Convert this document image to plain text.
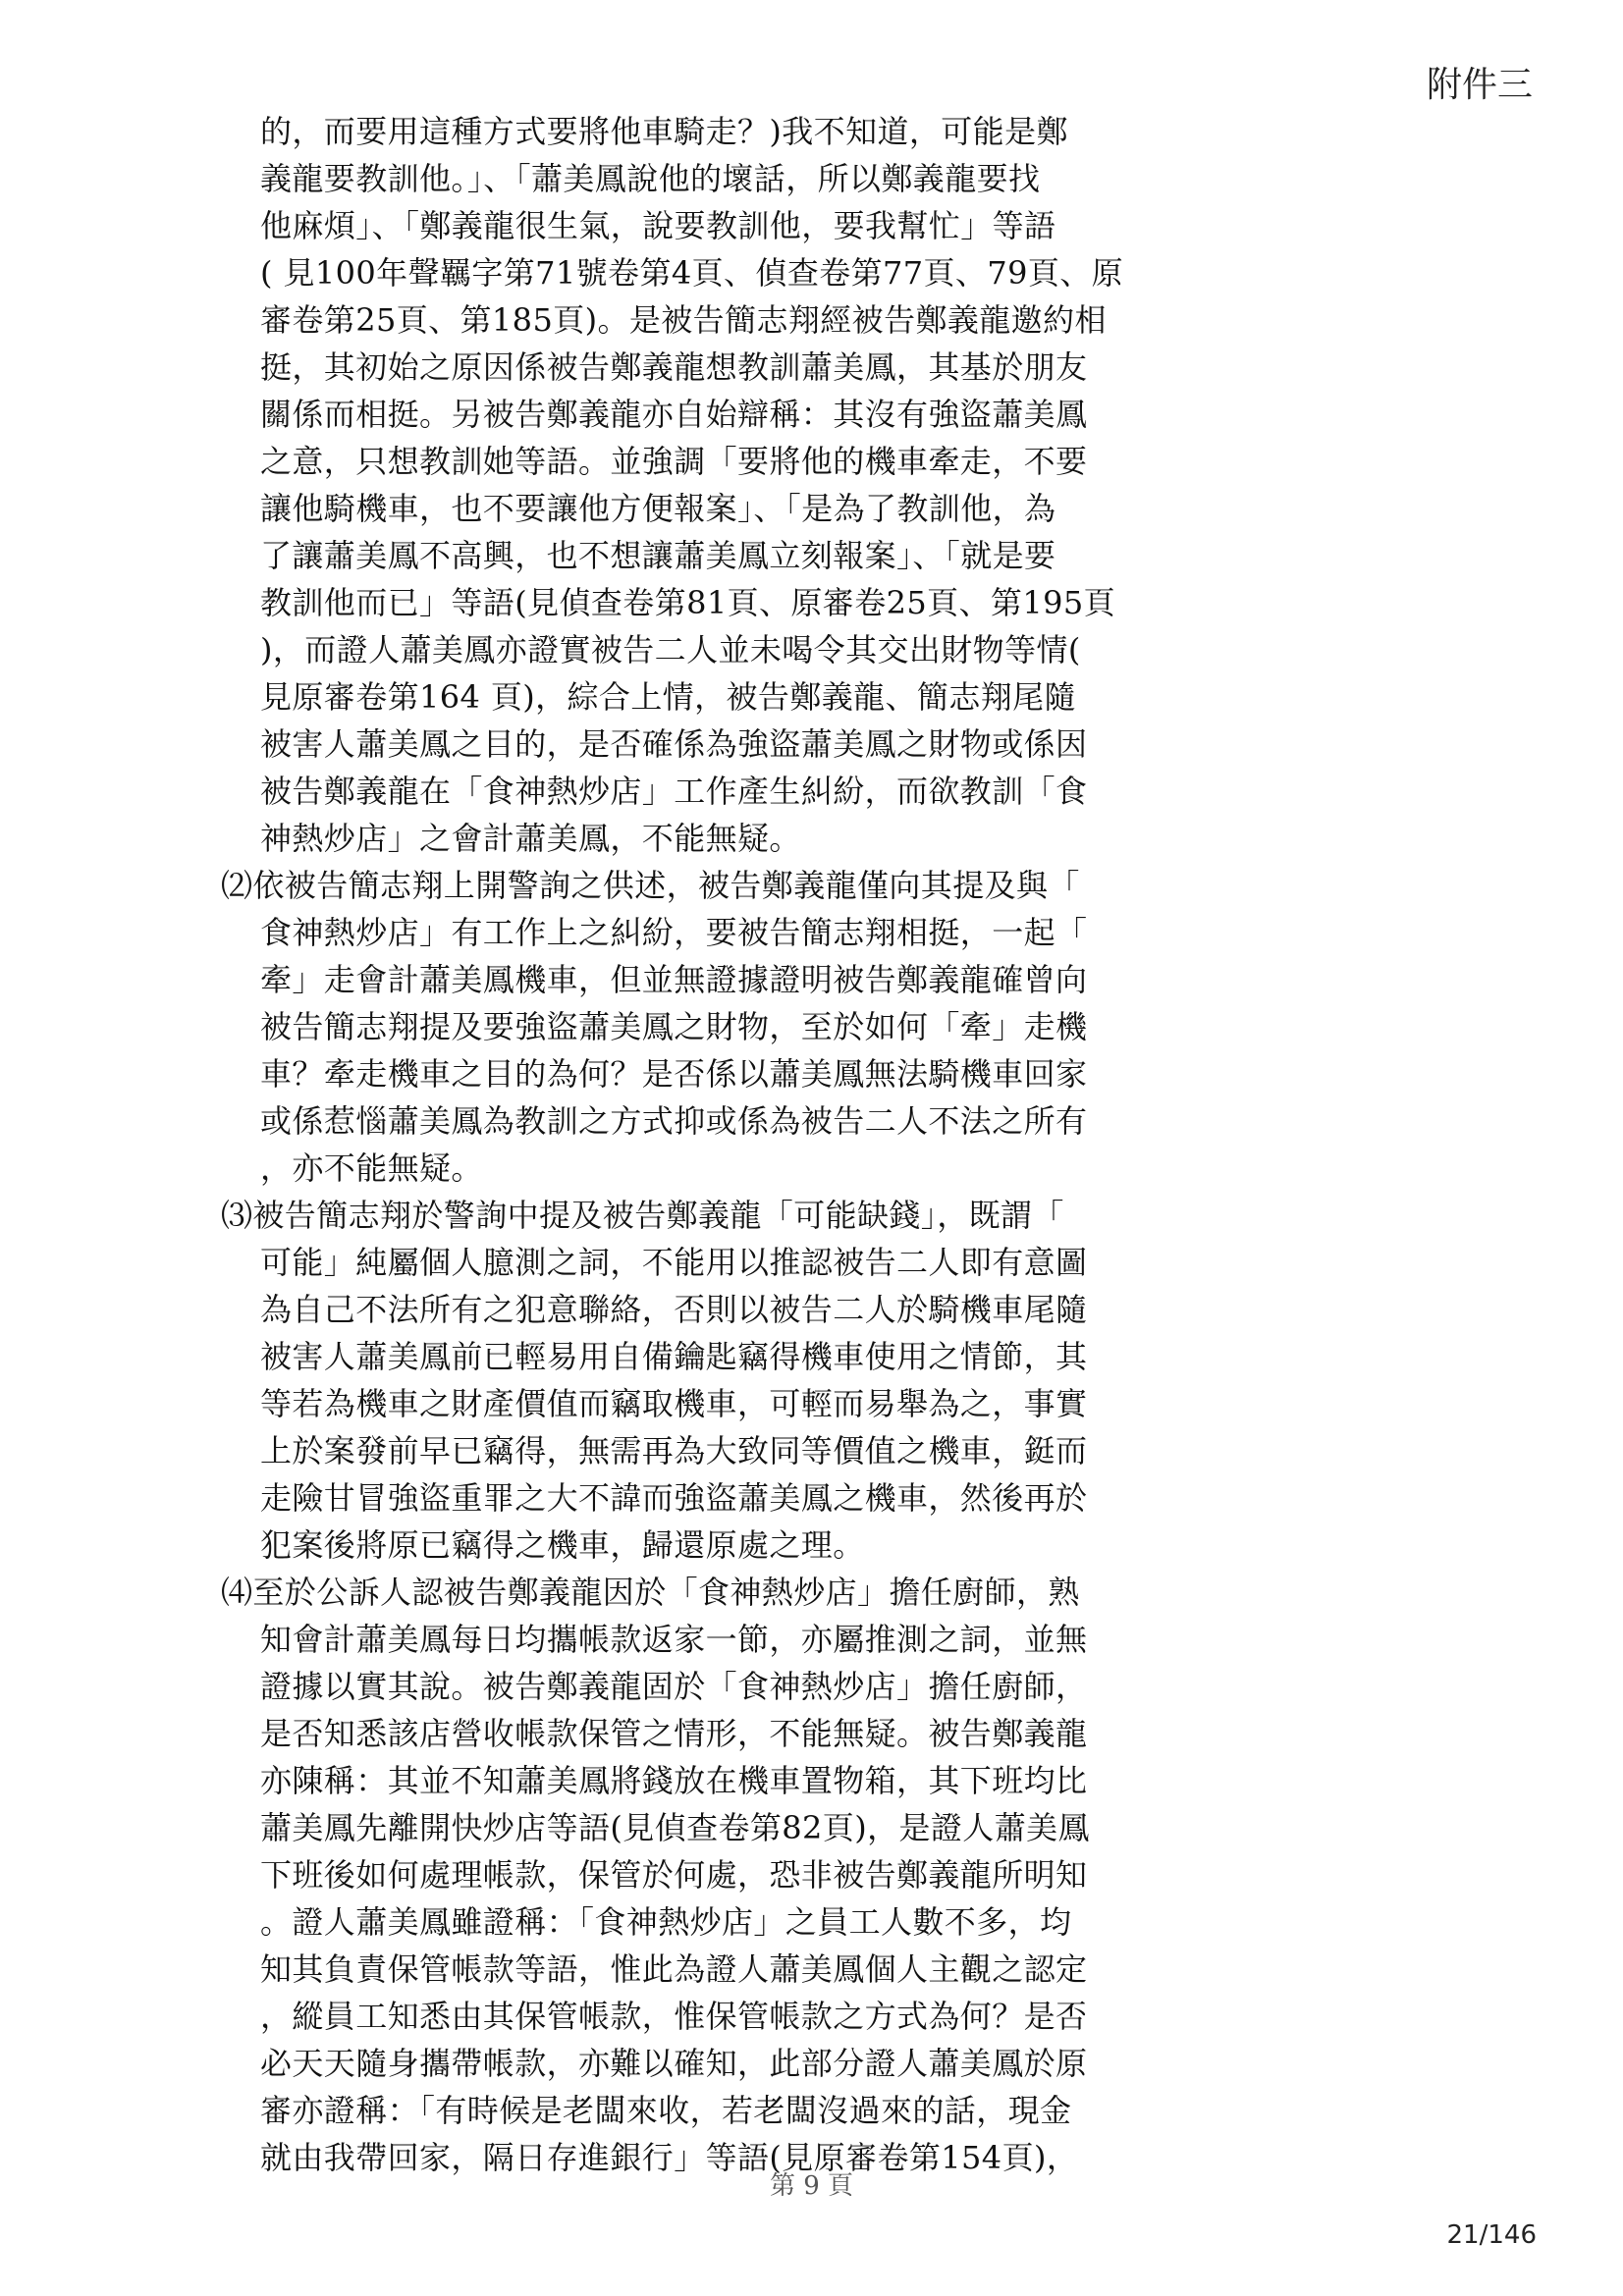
附件三
的，而要用這種方式要將他車騎走？)我不知道，可能是鄭
義龍要教訓他。」、「蕭美鳳說他的壞話，所以鄭義龍要找
他麻煩」、「鄭義龍很生氣，說要教訓他，要我幫忙」等語
( 見100年聲羈字第71號卷第4頁、偵查卷第77頁、79頁、原
審卷第25頁、第185頁)。是被告簡志翔經被告鄭義龍邀約相
挺，其初始之原因係被告鄭義龍想教訓蕭美鳳，其基於朋友
關係而相挺。另被告鄭義龍亦自始辯稱：其沒有強盜蕭美鳳
之意，只想教訓她等語。並強調「要將他的機車牽走，不要
讓他騎機車，也不要讓他方便報案」、「是為了教訓他，為
了讓蕭美鳳不高興，也不想讓蕭美鳳立刻報案」、「就是要
教訓他而已」等語(見偵查卷第81頁、原審卷25頁、第195頁
)，而證人蕭美鳳亦證實被告二人並未喝令其交出財物等情(
見原審卷第164 頁)，綜合上情，被告鄭義龍、簡志翔尾隨
被害人蕭美鳳之目的，是否確係為強盜蕭美鳳之財物或係因
被告鄭義龍在「食神熱炒店」工作產生糾紛，而欲教訓「食
神熱炒店」之會計蕭美鳳，不能無疑。
⑵依被告簡志翔上開警詢之供述，被告鄭義龍僅向其提及與「
食神熱炒店」有工作上之糾紛，要被告簡志翔相挺，一起「
牽」走會計蕭美鳳機車，但並無證據證明被告鄭義龍確曾向
被告簡志翔提及要強盜蕭美鳳之財物，至於如何「牽」走機
車？牽走機車之目的為何？是否係以蕭美鳳無法騎機車回家
或係惹惱蕭美鳳為教訓之方式抑或係為被告二人不法之所有
，亦不能無疑。
⑶被告簡志翔於警詢中提及被告鄭義龍「可能缺錢」，既謂「
可能」純屬個人臆測之詞，不能用以推認被告二人即有意圖
為自己不法所有之犯意聯絡，否則以被告二人於騎機車尾隨
被害人蕭美鳳前已輕易用自備鑰匙竊得機車使用之情節，其
等若為機車之財產價值而竊取機車，可輕而易舉為之，事實
上於案發前早已竊得，無需再為大致同等價值之機車，鋌而
走險甘冒強盜重罪之大不諱而強盜蕭美鳳之機車，然後再於
犯案後將原已竊得之機車，歸還原處之理。
⑷至於公訴人認被告鄭義龍因於「食神熱炒店」擔任廚師，熟
知會計蕭美鳳每日均攜帳款返家一節，亦屬推測之詞，並無
證據以實其說。被告鄭義龍固於「食神熱炒店」擔任廚師，
是否知悉該店營收帳款保管之情形，不能無疑。被告鄭義龍
亦陳稱：其並不知蕭美鳳將錢放在機車置物箱，其下班均比
蕭美鳳先離開快炒店等語(見偵查卷第82頁)，是證人蕭美鳳
下班後如何處理帳款，保管於何處，恐非被告鄭義龍所明知
。證人蕭美鳳雖證稱：「食神熱炒店」之員工人數不多，均
知其負責保管帳款等語，惟此為證人蕭美鳳個人主觀之認定
，縱員工知悉由其保管帳款，惟保管帳款之方式為何？是否
必天天隨身攜帶帳款，亦難以確知，此部分證人蕭美鳳於原
審亦證稱：「有時候是老闆來收，若老闆沒過來的話，現金
就由我帶回家，隔日存進銀行」等語(見原審卷第154頁)，
第 9 頁
21/146
